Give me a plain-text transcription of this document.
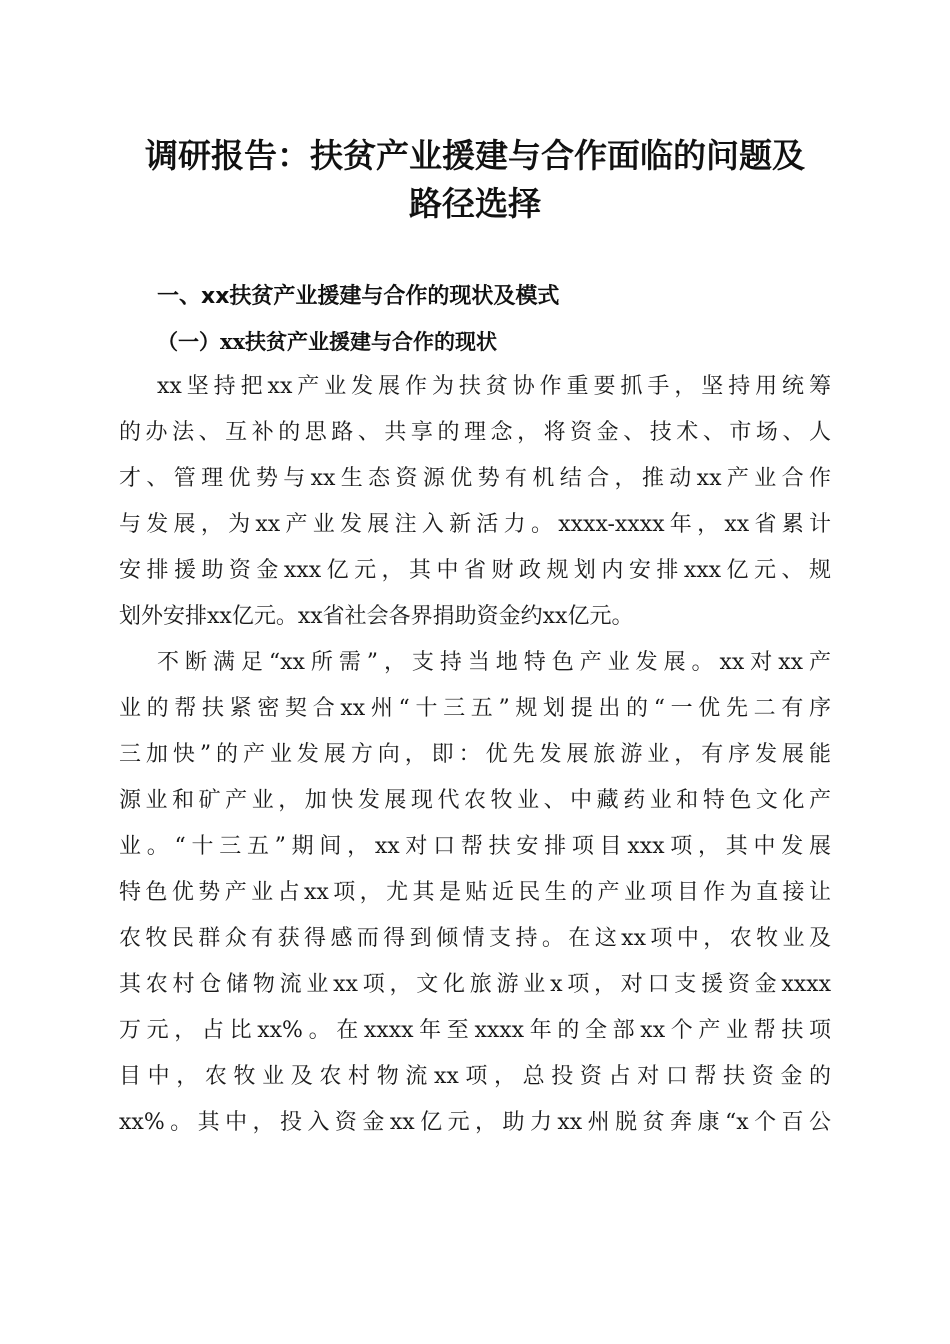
调研报告：扶贫产业援建与合作面临的问题及
路径选择
一、xx扶贫产业援建与合作的现状及模式
（一）xx扶贫产业援建与合作的现状
xx坚持把xx产业发展作为扶贫协作重要抓手，坚持用统筹
的办法、互补的思路、共享的理念，将资金、技术、市场、人
才、管理优势与xx生态资源优势有机结合，推动xx产业合作
与发展，为xx产业发展注入新活力。xxxx-xxxx年，xx省累计
安排援助资金xxx亿元，其中省财政规划内安排xxx亿元、规
划外安排xx亿元。xx省社会各界捐助资金约xx亿元。
不断满足“xx所需”，支持当地特色产业发展。xx对xx产
业的帮扶紧密契合xx州“十三五”规划提出的“一优先二有序
三加快”的产业发展方向，即：优先发展旅游业，有序发展能
源业和矿产业，加快发展现代农牧业、中藏药业和特色文化产
业。“十三五”期间，xx对口帮扶安排项目xxx项，其中发展
特色优势产业占xx项，尤其是贴近民生的产业项目作为直接让
农牧民群众有获得感而得到倾情支持。在这xx项中，农牧业及
其农村仓储物流业xx项，文化旅游业x项，对口支援资金xxxx
万元，占比xx%。在xxxx年至xxxx年的全部xx个产业帮扶项
目中，农牧业及农村物流xx项，总投资占对口帮扶资金的
xx%。其中，投入资金xx亿元，助力xx州脱贫奔康“x个百公
